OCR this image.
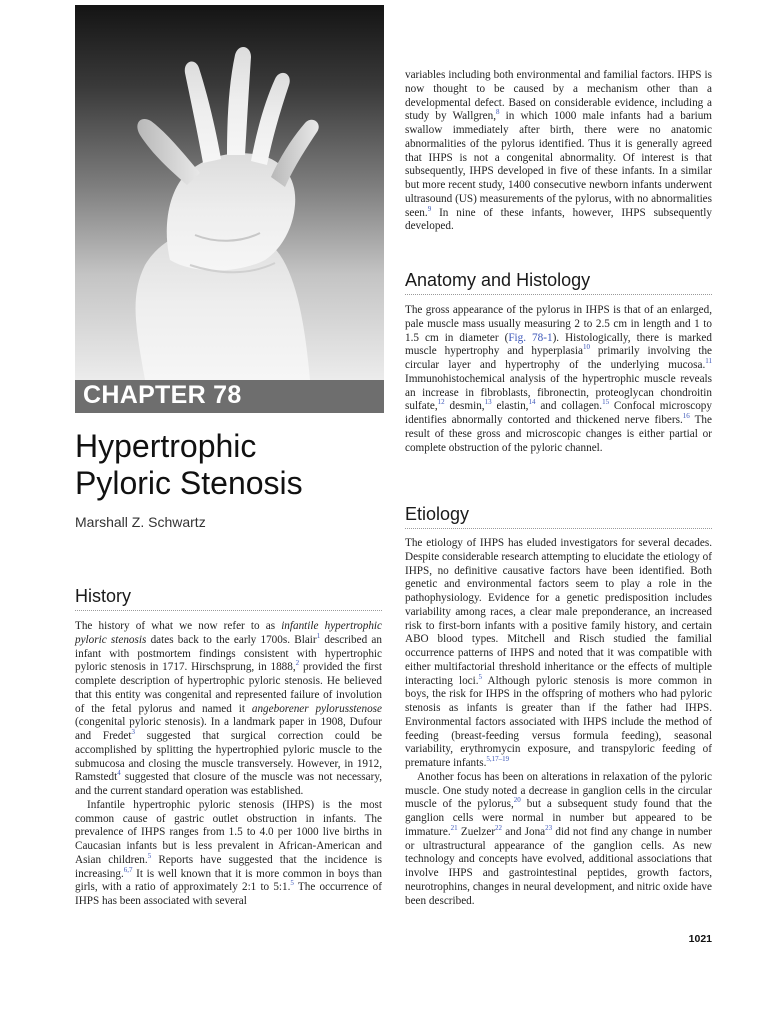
CHAPTER 78
Hypertrophic
Pyloric Stenosis
Marshall Z. Schwartz
History

The history of what we now refer to as infantile hypertrophic pyloric stenosis dates back to the early 1700s. Blair$^1$ described an infant with postmortem findings consistent with hypertrophic pyloric stenosis in 1717. Hirschsprung, in 1888,$^2$ provided the first complete description of hypertrophic pyloric stenosis. He believed that this entity was congenital and represented failure of involution of the fetal pylorus and named it angeborener pylorusstenose (congenital pyloric stenosis). In a landmark paper in 1908, Dufour and Fredet$^3$ suggested that surgical correction could be accomplished by splitting the hypertrophied pyloric muscle to the submucosa and closing the muscle transversely. However, in 1912, Ramstedt$^4$ suggested that closure of the muscle was not necessary, and the current standard operation was established.

Infantile hypertrophic pyloric stenosis (IHPS) is the most common cause of gastric outlet obstruction in infants. The prevalence of IHPS ranges from 1.5 to 4.0 per 1000 live births in Caucasian infants but is less prevalent in African-American and Asian children.$^5$ Reports have suggested that the incidence is increasing.$^{6,7}$ It is well known that it is more common in boys than girls, with a ratio of approximately 2:1 to 5:1.$^5$ The occurrence of IHPS has been associated with several

variables including both environmental and familial factors. IHPS is now thought to be caused by a mechanism other than a developmental defect. Based on considerable evidence, including a study by Wallgren,$^8$ in which 1000 male infants had a barium swallow immediately after birth, there were no anatomic abnormalities of the pylorus identified. Thus it is generally agreed that IHPS is not a congenital abnormality. Of interest is that subsequently, IHPS developed in five of these infants. In a similar but more recent study, 1400 consecutive newborn infants underwent ultrasound (US) measurements of the pylorus, with no abnormalities seen.$^9$ In nine of these infants, however, IHPS subsequently developed.

Anatomy and Histology

The gross appearance of the pylorus in IHPS is that of an enlarged, pale muscle mass usually measuring 2 to 2.5 cm in length and 1 to 1.5 cm in diameter (Fig. 78-1). Histologically, there is marked muscle hypertrophy and hyperplasia$^{10}$ primarily involving the circular layer and hypertrophy of the underlying mucosa.$^{11}$ Immunohistochemical analysis of the hypertrophic muscle reveals an increase in fibroblasts, fibronectin, proteoglycan chondroitin sulfate,$^{12}$ desmin,$^{13}$ elastin,$^{14}$ and collagen.$^{15}$ Confocal microscopy identifies abnormally contorted and thickened nerve fibers.$^{16}$ The result of these gross and microscopic changes is either partial or complete obstruction of the pyloric channel.

Etiology

The etiology of IHPS has eluded investigators for several decades. Despite considerable research attempting to elucidate the etiology of IHPS, no definitive causative factors have been identified. Both genetic and environmental factors seem to play a role in the pathophysiology. Evidence for a genetic predisposition includes variability among races, a clear male preponderance, an increased risk to first-born infants with a positive family history, and certain ABO blood types. Mitchell and Risch studied the familial occurrence patterns of IHPS and noted that it was compatible with either multifactorial threshold inheritance or the effects of multiple interacting loci.$^5$ Although pyloric stenosis is more common in boys, the risk for IHPS in the offspring of mothers who had pyloric stenosis as infants is greater than if the father had IHPS. Environmental factors associated with IHPS include the method of feeding (breast-feeding versus formula feeding), seasonal variability, erythromycin exposure, and transpyloric feeding of premature infants.$^{5,17-19}$

Another focus has been on alterations in relaxation of the pyloric muscle. One study noted a decrease in ganglion cells in the circular muscle of the pylorus,$^{20}$ but a subsequent study found that the ganglion cells were normal in number but appeared to be immature.$^{21}$ Zuelzer$^{22}$ and Jona$^{23}$ did not find any change in number or ultrastructural appearance of the ganglion cells. As new technology and concepts have evolved, additional associations that involve IHPS and gastrointestinal peptides, growth factors, neurotrophins, changes in neural development, and nitric oxide have been described.

1021
